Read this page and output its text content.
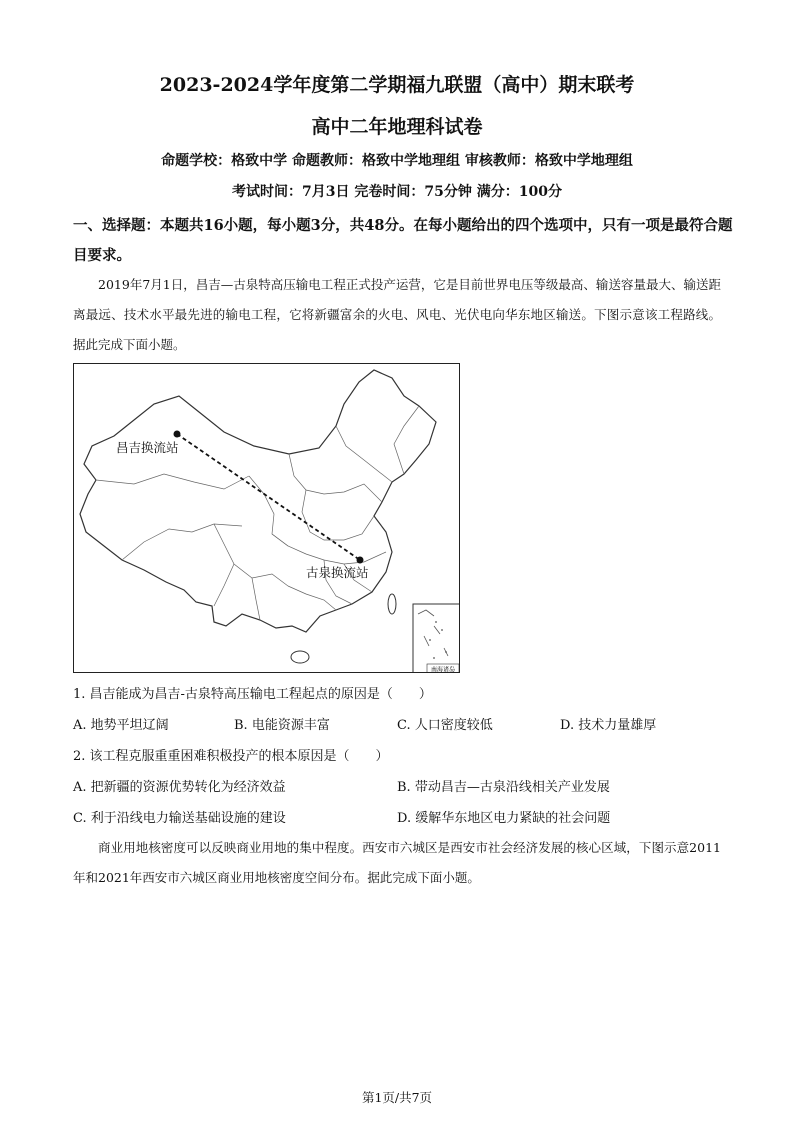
2023-2024学年度第二学期福九联盟（高中）期末联考
高中二年地理科试卷
命题学校：格致中学 命题教师：格致中学地理组 审核教师：格致中学地理组
考试时间：7月3日 完卷时间：75分钟 满分：100分
一、选择题：本题共16小题，每小题3分，共48分。在每小题给出的四个选项中，只有一项是最符合题目要求。
2019年7月1日，昌吉—古泉特高压输电工程正式投产运营，它是目前世界电压等级最高、输送容量最大、输送距离最远、技术水平最先进的输电工程，它将新疆富余的火电、风电、光伏电向华东地区输送。下图示意该工程路线。据此完成下面小题。
南海诸岛
昌吉换流站
古泉换流站
1. 昌吉能成为昌吉-古泉特高压输电工程起点的原因是（　　）
A. 地势平坦辽阔	B. 电能资源丰富	C. 人口密度较低	D. 技术力量雄厚
2. 该工程克服重重困难积极投产的根本原因是（　　）
A. 把新疆的资源优势转化为经济效益	B. 带动昌吉—古泉沿线相关产业发展
C. 利于沿线电力输送基础设施的建设	D. 缓解华东地区电力紧缺的社会问题
商业用地核密度可以反映商业用地的集中程度。西安市六城区是西安市社会经济发展的核心区域，下图示意2011年和2021年西安市六城区商业用地核密度空间分布。据此完成下面小题。
第1页/共7页
